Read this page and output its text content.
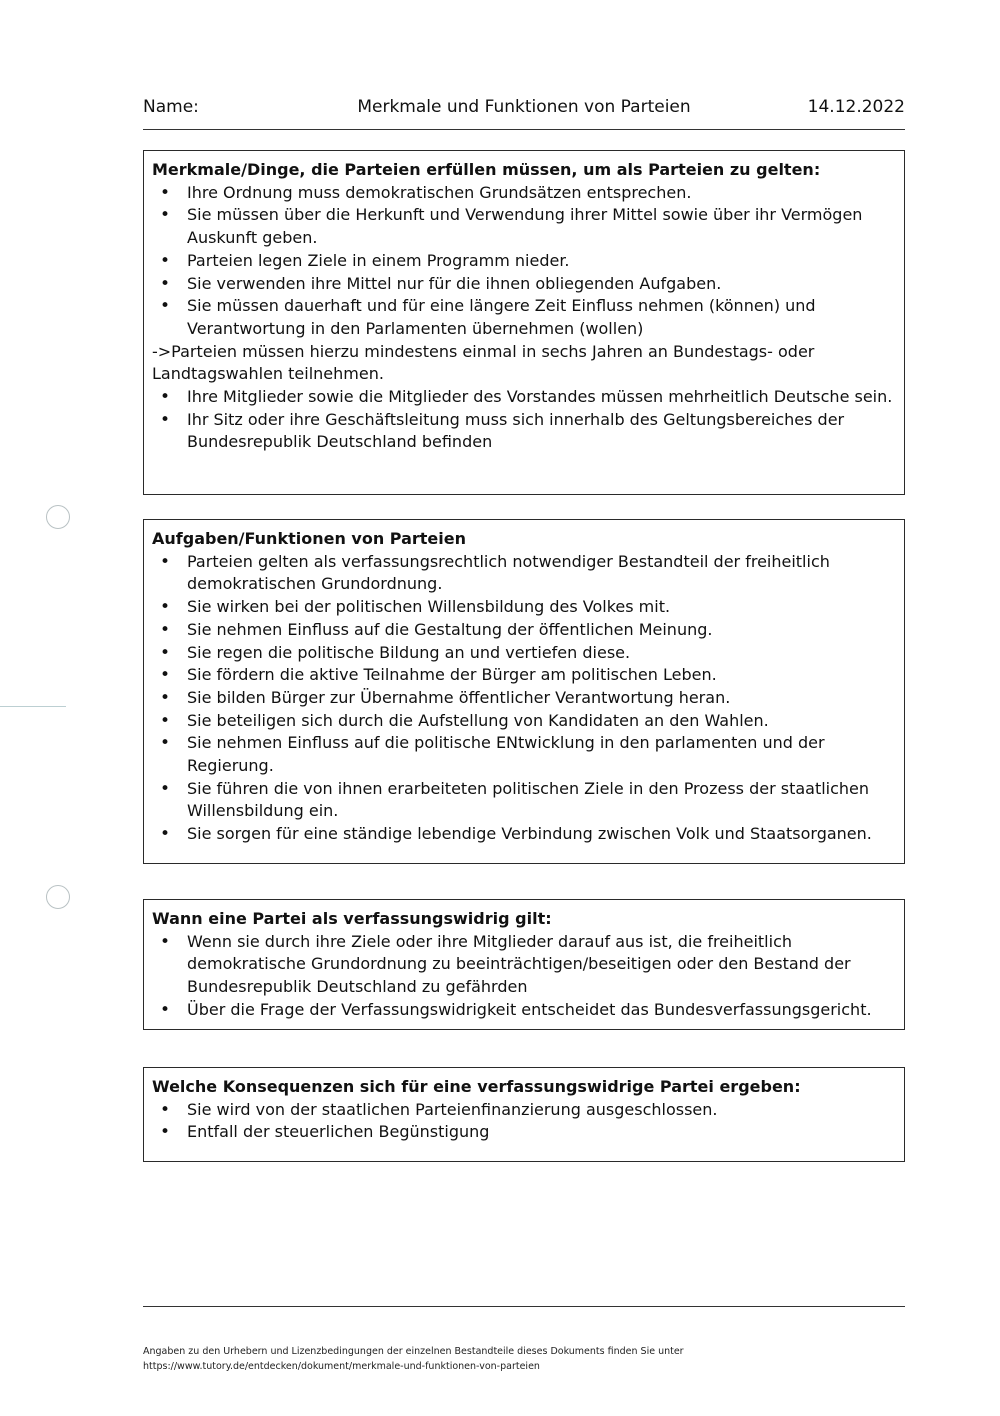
Merkmale und Funktionen von Parteien
Name:	14.12.2022
Merkmale/Dinge, die Parteien erfüllen müssen, um als Parteien zu gelten:
• Ihre Ordnung muss demokratischen Grundsätzen entsprechen.
• Sie müssen über die Herkunft und Verwendung ihrer Mittel sowie über ihr Vermögen Auskunft geben.
• Parteien legen Ziele in einem Programm nieder.
• Sie verwenden ihre Mittel nur für die ihnen obliegenden Aufgaben.
• Sie müssen dauerhaft und für eine längere Zeit Einfluss nehmen (können) und Verantwortung in den Parlamenten übernehmen (wollen)
->Parteien müssen hierzu mindestens einmal in sechs Jahren an Bundestags- oder Landtagswahlen teilnehmen.
• Ihre Mitglieder sowie die Mitglieder des Vorstandes müssen mehrheitlich Deutsche sein.
• Ihr Sitz oder ihre Geschäftsleitung muss sich innerhalb des Geltungsbereiches der Bundesrepublik Deutschland befinden
Aufgaben/Funktionen von Parteien
• Parteien gelten als verfassungsrechtlich notwendiger Bestandteil der freiheitlich demokratischen Grundordnung.
• Sie wirken bei der politischen Willensbildung des Volkes mit.
• Sie nehmen Einfluss auf die Gestaltung der öffentlichen Meinung.
• Sie regen die politische Bildung an und vertiefen diese.
• Sie fördern die aktive Teilnahme der Bürger am politischen Leben.
• Sie bilden Bürger zur Übernahme öffentlicher Verantwortung heran.
• Sie beteiligen sich durch die Aufstellung von Kandidaten an den Wahlen.
• Sie nehmen Einfluss auf die politische ENtwicklung in den parlamenten und der Regierung.
• Sie führen die von ihnen erarbeiteten politischen Ziele in den Prozess der staatlichen Willensbildung ein.
• Sie sorgen für eine ständige lebendige Verbindung zwischen Volk und Staatsorganen.
Wann eine Partei als verfassungswidrig gilt:
• Wenn sie durch ihre Ziele oder ihre Mitglieder darauf aus ist, die freiheitlich demokratische Grundordnung zu beeinträchtigen/beseitigen oder den Bestand der Bundesrepublik Deutschland zu gefährden
• Über die Frage der Verfassungswidrigkeit entscheidet das Bundesverfassungsgericht.
Welche Konsequenzen sich für eine verfassungswidrige Partei ergeben:
• Sie wird von der staatlichen Parteienfinanzierung ausgeschlossen.
• Entfall der steuerlichen Begünstigung
Angaben zu den Urhebern und Lizenzbedingungen der einzelnen Bestandteile dieses Dokuments finden Sie unter
https://www.tutory.de/entdecken/dokument/merkmale-und-funktionen-von-parteien
